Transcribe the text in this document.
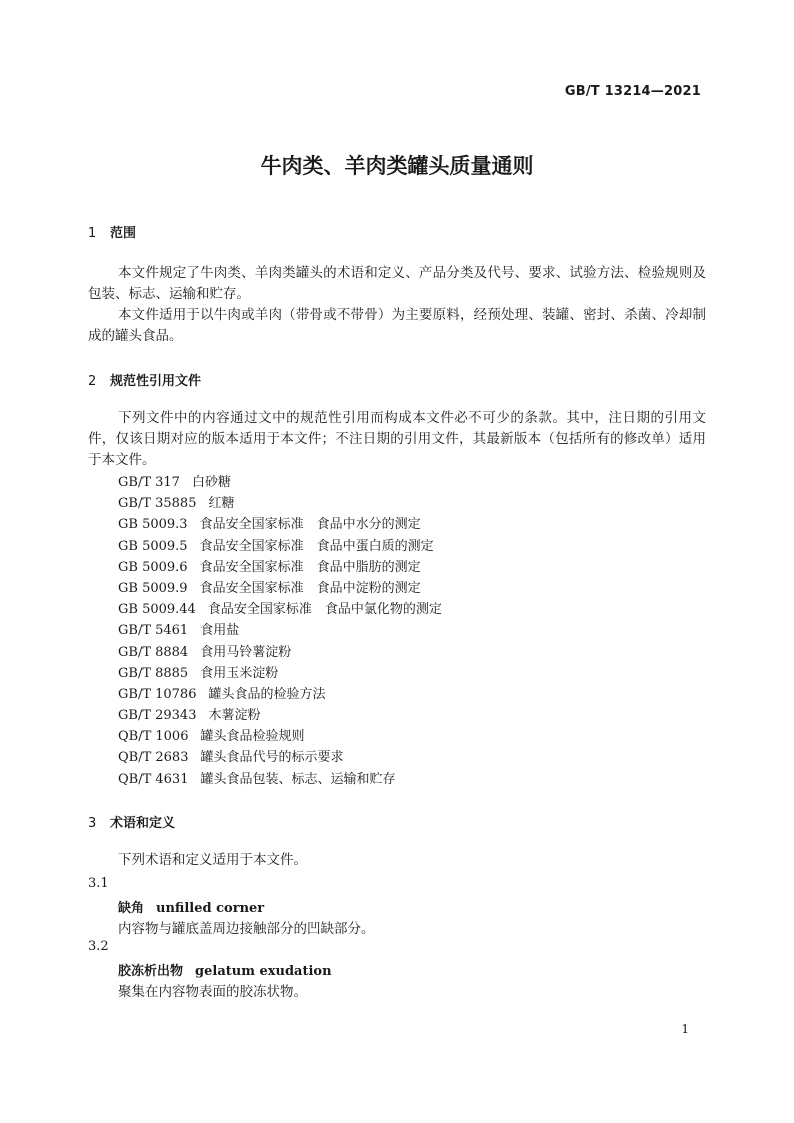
GB/T 13214—2021
牛肉类、羊肉类罐头质量通则
1 范围

本文件规定了牛肉类、羊肉类罐头的术语和定义、产品分类及代号、要求、试验方法、检验规则及包装、标志、运输和贮存。

本文件适用于以牛肉或羊肉（带骨或不带骨）为主要原料，经预处理、装罐、密封、杀菌、冷却制成的罐头食品。

2 规范性引用文件

下列文件中的内容通过文中的规范性引用而构成本文件必不可少的条款。其中，注日期的引用文件，仅该日期对应的版本适用于本文件；不注日期的引用文件，其最新版本（包括所有的修改单）适用于本文件。

GB/T 317 白砂糖
GB/T 35885 红糖
GB 5009.3 食品安全国家标准　食品中水分的测定
GB 5009.5 食品安全国家标准　食品中蛋白质的测定
GB 5009.6 食品安全国家标准　食品中脂肪的测定
GB 5009.9 食品安全国家标准　食品中淀粉的测定
GB 5009.44 食品安全国家标准　食品中氯化物的测定
GB/T 5461 食用盐
GB/T 8884 食用马铃薯淀粉
GB/T 8885 食用玉米淀粉
GB/T 10786 罐头食品的检验方法
GB/T 29343 木薯淀粉
QB/T 1006 罐头食品检验规则
QB/T 2683 罐头食品代号的标示要求
QB/T 4631 罐头食品包装、标志、运输和贮存
3 术语和定义

下列术语和定义适用于本文件。

3.1
缺角 unfilled corner
内容物与罐底盖周边接触部分的凹缺部分。
3.2
胶冻析出物 gelatum exudation
聚集在内容物表面的胶冻状物。
1
